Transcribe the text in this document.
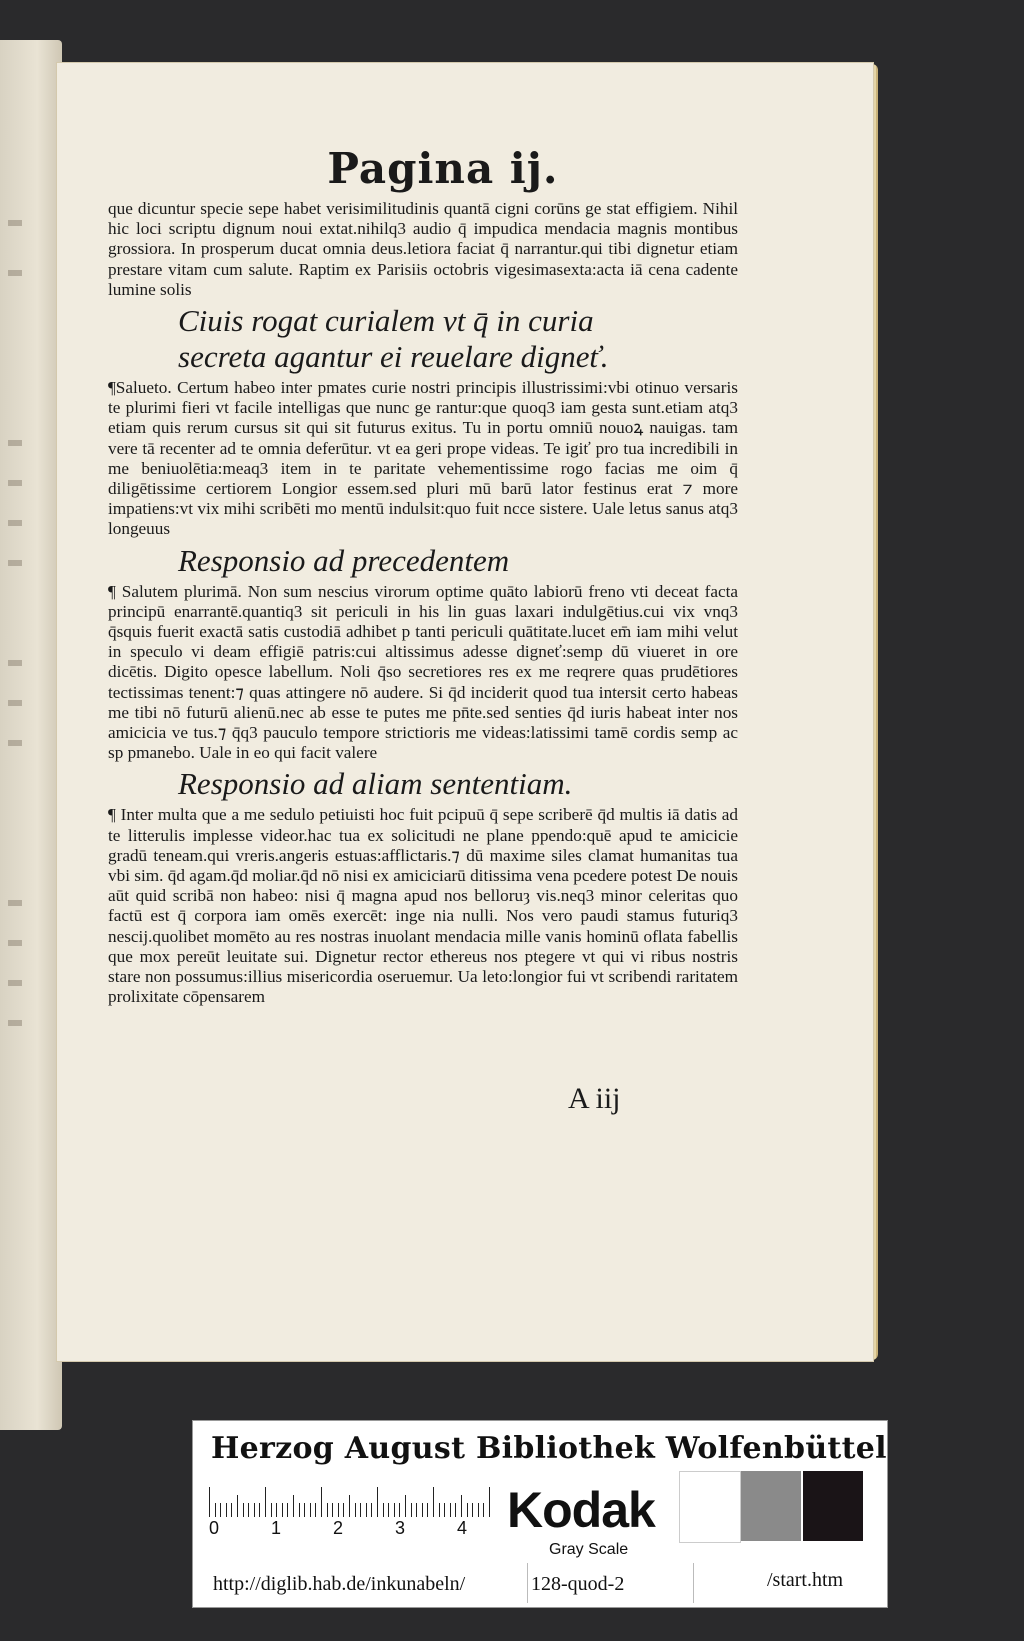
Pagina ij.

que dicuntur specie sepe habet verisimilitudinis quantā cigni corūns ge stat effigiem. Nihil hic loci scriptu dignum noui extat.nihilq3 audio q̄ impudica mendacia magnis montibus grossiora. In prosperum ducat omnia deus.letiora faciat q̄ narrantur.qui tibi dignetur etiam prestare vitam cum salute. Raptim ex Parisiis octobris vigesimasexta:acta iā cena cadente lumine solis

Ciuis rogat curialem vt q̄ in curia
secreta agantur ei reuelare digneť.

¶Salueto. Certum habeo inter pmates curie nostri principis illustrissimi:vbi otinuo versaris te plurimi fieri vt facile intelligas que nunc ge rantur:que quoq3 iam gesta sunt.etiam atq3 etiam quis rerum cursus sit qui sit futurus exitus. Tu in portu omniū nouoꝝ nauigas. tam vere tā recenter ad te omnia deferūtur. vt ea geri prope videas. Te igiť pro tua incredibili in me beniuolētia:meaq3 item in te paritate vehementissime rogo facias me oim q̄ diligētissime certiorem Longior essem.sed pluri mū barū lator festinus erat ⁊ more impatiens:vt vix mihi scribēti mo mentū indulsit:quo fuit ncce sistere. Uale letus sanus atq3 longeuus

Responsio ad precedentem

¶ Salutem plurimā. Non sum nescius virorum optime quāto labiorū freno vti deceat facta principū enarrantē.quantiq3 sit periculi in his lin guas laxari indulgētius.cui vix vnq3 q̄squis fuerit exactā satis custodiā adhibet p tanti periculi quātitate.lucet em̄ iam mihi velut in speculo vi deam effigiē patris:cui altissimus adesse digneť:semp dū viueret in ore dicētis. Digito opesce labellum. Noli q̄so secretiores res ex me reqrere quas prudētiores tectissimas tenent:⁊ quas attingere nō audere. Si q̄d inciderit quod tua intersit certo habeas me tibi nō futurū alienū.nec ab esse te putes me pn̄te.sed senties q̄d iuris habeat inter nos amicicia ve tus.⁊ q̄q3 pauculo tempore strictioris me videas:latissimi tamē cordis semp ac sp pmanebo. Uale in eo qui facit valere

Responsio ad aliam sententiam.

¶ Inter multa que a me sedulo petiuisti hoc fuit pcipuū q̄ sepe scriberē q̄d multis iā datis ad te litterulis implesse videor.hac tua ex solicitudi ne plane ppendo:quē apud te amicicie gradū teneam.qui vreris.angeris estuas:afflictaris.⁊ dū maxime siles clamat humanitas tua vbi sim. q̄d agam.q̄d moliar.q̄d nō nisi ex amiciciarū ditissima vena pcedere potest De nouis aūt quid scribā non habeo: nisi q̄ magna apud nos belloruȝ vis.neq3 minor celeritas quo factū est q̄ corpora iam omēs exercēt: inge nia nulli. Nos vero paudi stamus futuriq3 nescij.quolibet momēto au res nostras inuolant mendacia mille vanis hominū oflata fabellis que mox pereūt leuitate sui. Dignetur rector ethereus nos ptegere vt qui vi ribus nostris stare non possumus:illius misericordia oseruemur. Ua leto:longior fui vt scribendi raritatem prolixitate cōpensarem

A iij
Herzog August Bibliothek Wolfenbüttel
0	1	2	3	4 Kodak
Gray Scale
http://diglib.hab.de/inkunabeln/	128-quod-2	/start.htm
